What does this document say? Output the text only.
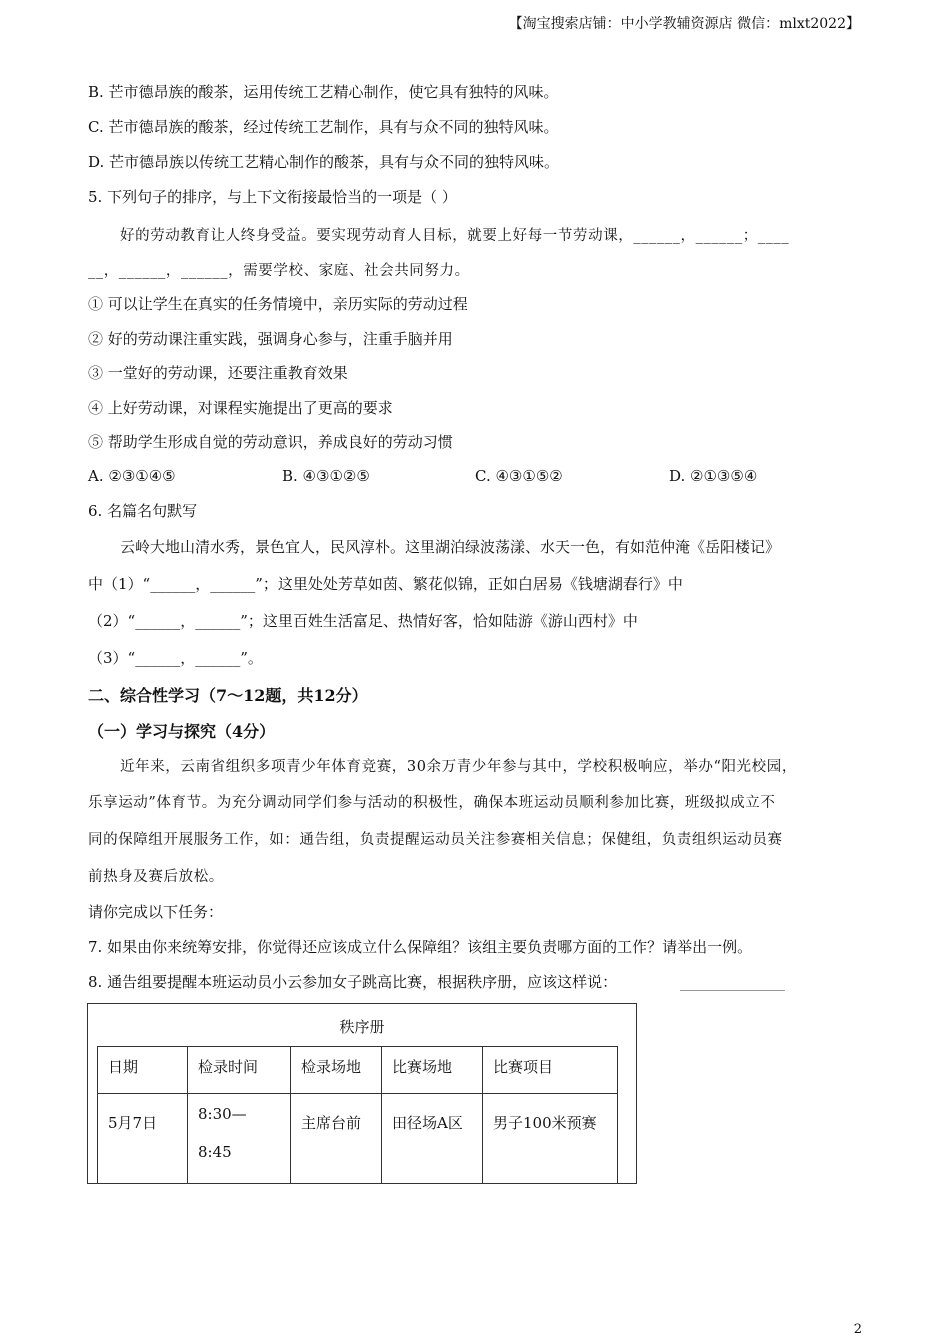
【淘宝搜索店铺：中小学教辅资源店 微信：mlxt2022】
B. 芒市德昂族的酸茶，运用传统工艺精心制作，使它具有独特的风味。
C. 芒市德昂族的酸茶，经过传统工艺制作，具有与众不同的独特风味。
D. 芒市德昂族以传统工艺精心制作的酸茶，具有与众不同的独特风味。
5. 下列句子的排序，与上下文衔接最恰当的一项是（ ）
好的劳动教育让人终身受益。要实现劳动育人目标，就要上好每一节劳动课，______，______；____
__，______，______，需要学校、家庭、社会共同努力。
① 可以让学生在真实的任务情境中，亲历实际的劳动过程
② 好的劳动课注重实践，强调身心参与，注重手脑并用
③ 一堂好的劳动课，还要注重教育效果
④ 上好劳动课，对课程实施提出了更高的要求
⑤ 帮助学生形成自觉的劳动意识，养成良好的劳动习惯
A. ②③①④⑤	B. ④③①②⑤	C. ④③①⑤②	D. ②①③⑤④
6. 名篇名句默写
云岭大地山清水秀，景色宜人，民风淳朴。这里湖泊绿波荡漾、水天一色，有如范仲淹《岳阳楼记》
中（1）“______，______”；这里处处芳草如茵、繁花似锦，正如白居易《钱塘湖春行》中
（2）“______，______”；这里百姓生活富足、热情好客，恰如陆游《游山西村》中
（3）“______，______”。
二、综合性学习（7～12题，共12分）
（一）学习与探究（4分）
近年来，云南省组织多项青少年体育竞赛，30余万青少年参与其中，学校积极响应，举办“阳光校园，
乐享运动”体育节。为充分调动同学们参与活动的积极性，确保本班运动员顺利参加比赛，班级拟成立不
同的保障组开展服务工作，如：通告组，负责提醒运动员关注参赛相关信息；保健组，负责组织运动员赛
前热身及赛后放松。
请你完成以下任务：
7. 如果由你来统筹安排，你觉得还应该成立什么保障组？该组主要负责哪方面的工作？请举出一例。
8. 通告组要提醒本班运动员小云参加女子跳高比赛，根据秩序册，应该这样说：	______________
秩序册
日期	检录时间	检录场地	比赛场地	比赛项目
5月7日	8:30—
8:45	主席台前	田径场A区	男子100米预赛
2
